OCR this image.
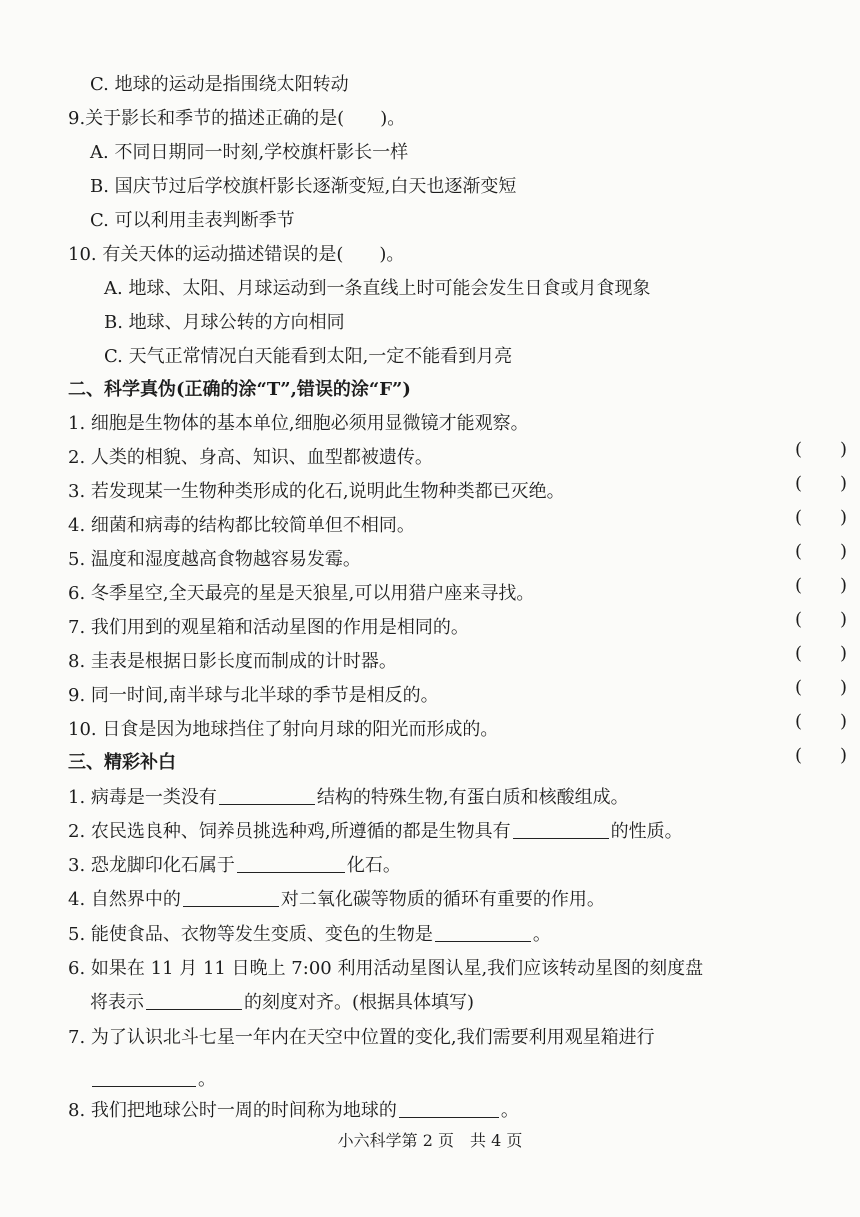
C. 地球的运动是指围绕太阳转动
9.关于影长和季节的描述正确的是(　　)。
A. 不同日期同一时刻,学校旗杆影长一样
B. 国庆节过后学校旗杆影长逐渐变短,白天也逐渐变短
C. 可以利用圭表判断季节
10. 有关天体的运动描述错误的是(　　)。
A. 地球、太阳、月球运动到一条直线上时可能会发生日食或月食现象
B. 地球、月球公转的方向相同
C. 天气正常情况白天能看到太阳,一定不能看到月亮
二、科学真伪(正确的涂“T”,错误的涂“F”)
1. 细胞是生物体的基本单位,细胞必须用显微镜才能观察。
( )
2. 人类的相貌、身高、知识、血型都被遗传。
( )
3. 若发现某一生物种类形成的化石,说明此生物种类都已灭绝。
( )
4. 细菌和病毒的结构都比较简单但不相同。
( )
5. 温度和湿度越高食物越容易发霉。
( )
6. 冬季星空,全天最亮的星是天狼星,可以用猎户座来寻找。
( )
7. 我们用到的观星箱和活动星图的作用是相同的。
( )
8. 圭表是根据日影长度而制成的计时器。
( )
9. 同一时间,南半球与北半球的季节是相反的。
( )
10. 日食是因为地球挡住了射向月球的阳光而形成的。
( )
三、精彩补白
1. 病毒是一类没有	结构的特殊生物,有蛋白质和核酸组成。
2. 农民选良种、饲养员挑选种鸡,所遵循的都是生物具有	的性质。
3. 恐龙脚印化石属于	化石。
4. 自然界中的	对二氧化碳等物质的循环有重要的作用。
5. 能使食品、衣物等发生变质、变色的生物是	。
6. 如果在 11 月 11 日晚上 7:00 利用活动星图认星,我们应该转动星图的刻度盘
将表示	的刻度对齐。(根据具体填写)
7. 为了认识北斗七星一年内在天空中位置的变化,我们需要利用观星箱进行
。
8. 我们把地球公时一周的时间称为地球的	。
小六科学第 2 页　共 4 页
